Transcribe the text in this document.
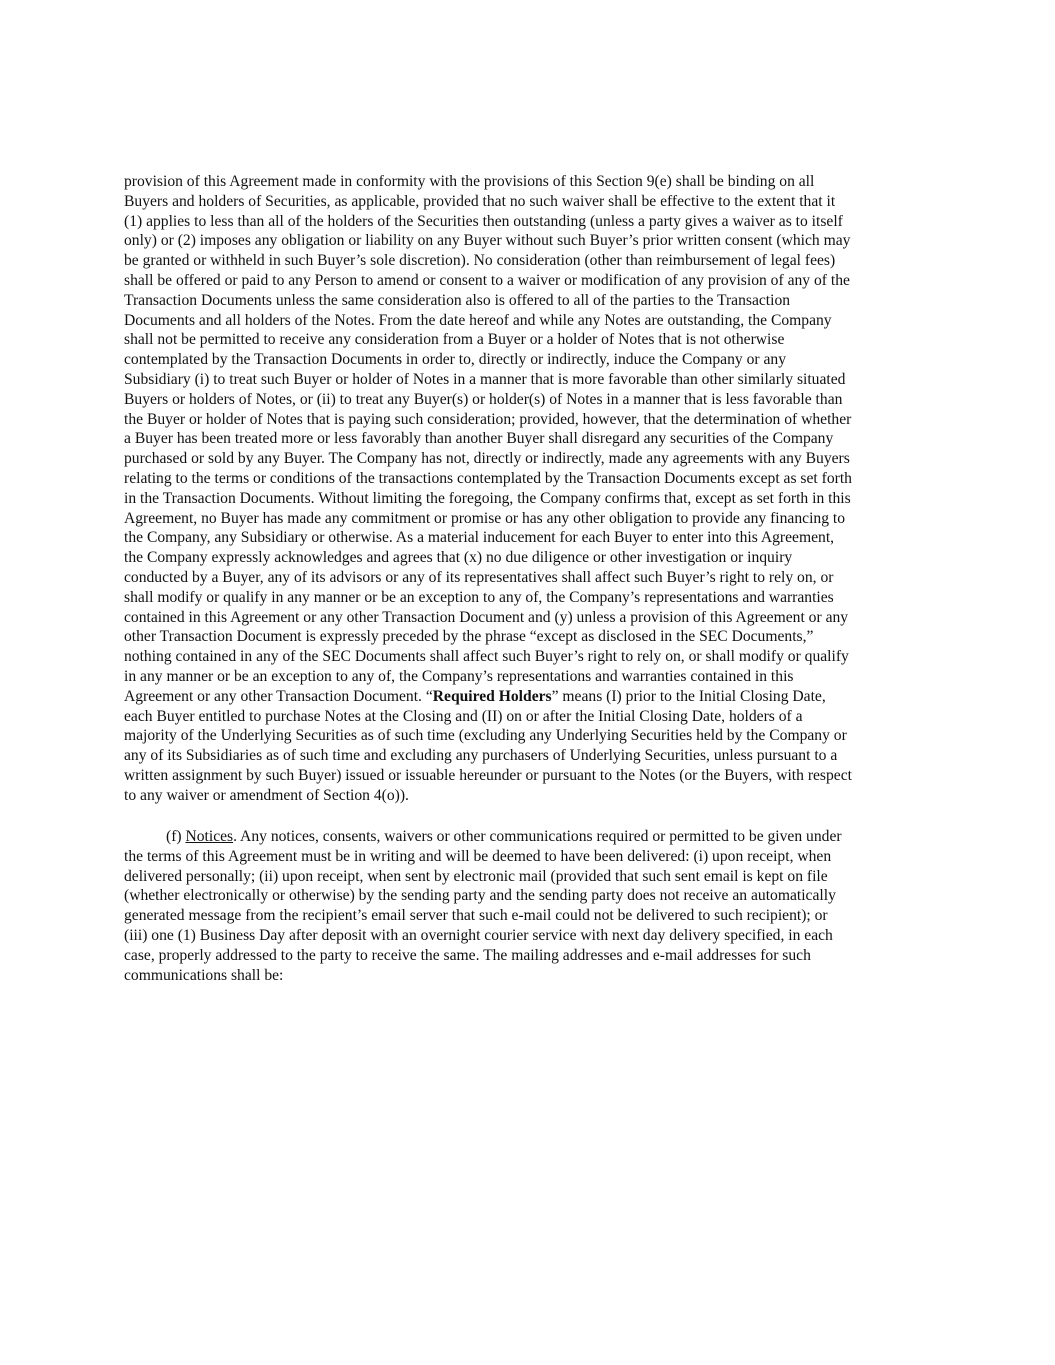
provision of this Agreement made in conformity with the provisions of this Section 9(e) shall be binding on all
Buyers and holders of Securities, as applicable, provided that no such waiver shall be effective to the extent that it
(1) applies to less than all of the holders of the Securities then outstanding (unless a party gives a waiver as to itself
only) or (2) imposes any obligation or liability on any Buyer without such Buyer’s prior written consent (which may
be granted or withheld in such Buyer’s sole discretion). No consideration (other than reimbursement of legal fees)
shall be offered or paid to any Person to amend or consent to a waiver or modification of any provision of any of the
Transaction Documents unless the same consideration also is offered to all of the parties to the Transaction
Documents and all holders of the Notes. From the date hereof and while any Notes are outstanding, the Company
shall not be permitted to receive any consideration from a Buyer or a holder of Notes that is not otherwise
contemplated by the Transaction Documents in order to, directly or indirectly, induce the Company or any
Subsidiary (i) to treat such Buyer or holder of Notes in a manner that is more favorable than other similarly situated
Buyers or holders of Notes, or (ii) to treat any Buyer(s) or holder(s) of Notes in a manner that is less favorable than
the Buyer or holder of Notes that is paying such consideration; provided, however, that the determination of whether
a Buyer has been treated more or less favorably than another Buyer shall disregard any securities of the Company
purchased or sold by any Buyer. The Company has not, directly or indirectly, made any agreements with any Buyers
relating to the terms or conditions of the transactions contemplated by the Transaction Documents except as set forth
in the Transaction Documents. Without limiting the foregoing, the Company confirms that, except as set forth in this
Agreement, no Buyer has made any commitment or promise or has any other obligation to provide any financing to
the Company, any Subsidiary or otherwise. As a material inducement for each Buyer to enter into this Agreement,
the Company expressly acknowledges and agrees that (x) no due diligence or other investigation or inquiry
conducted by a Buyer, any of its advisors or any of its representatives shall affect such Buyer’s right to rely on, or
shall modify or qualify in any manner or be an exception to any of, the Company’s representations and warranties
contained in this Agreement or any other Transaction Document and (y) unless a provision of this Agreement or any
other Transaction Document is expressly preceded by the phrase “except as disclosed in the SEC Documents,”
nothing contained in any of the SEC Documents shall affect such Buyer’s right to rely on, or shall modify or qualify
in any manner or be an exception to any of, the Company’s representations and warranties contained in this
Agreement or any other Transaction Document. “Required Holders” means (I) prior to the Initial Closing Date,
each Buyer entitled to purchase Notes at the Closing and (II) on or after the Initial Closing Date, holders of a
majority of the Underlying Securities as of such time (excluding any Underlying Securities held by the Company or
any of its Subsidiaries as of such time and excluding any purchasers of Underlying Securities, unless pursuant to a
written assignment by such Buyer) issued or issuable hereunder or pursuant to the Notes (or the Buyers, with respect
to any waiver or amendment of Section 4(o)).
(f) Notices. Any notices, consents, waivers or other communications required or permitted to be given under
the terms of this Agreement must be in writing and will be deemed to have been delivered: (i) upon receipt, when
delivered personally; (ii) upon receipt, when sent by electronic mail (provided that such sent email is kept on file
(whether electronically or otherwise) by the sending party and the sending party does not receive an automatically
generated message from the recipient’s email server that such e-mail could not be delivered to such recipient); or
(iii) one (1) Business Day after deposit with an overnight courier service with next day delivery specified, in each
case, properly addressed to the party to receive the same. The mailing addresses and e-mail addresses for such
communications shall be:
